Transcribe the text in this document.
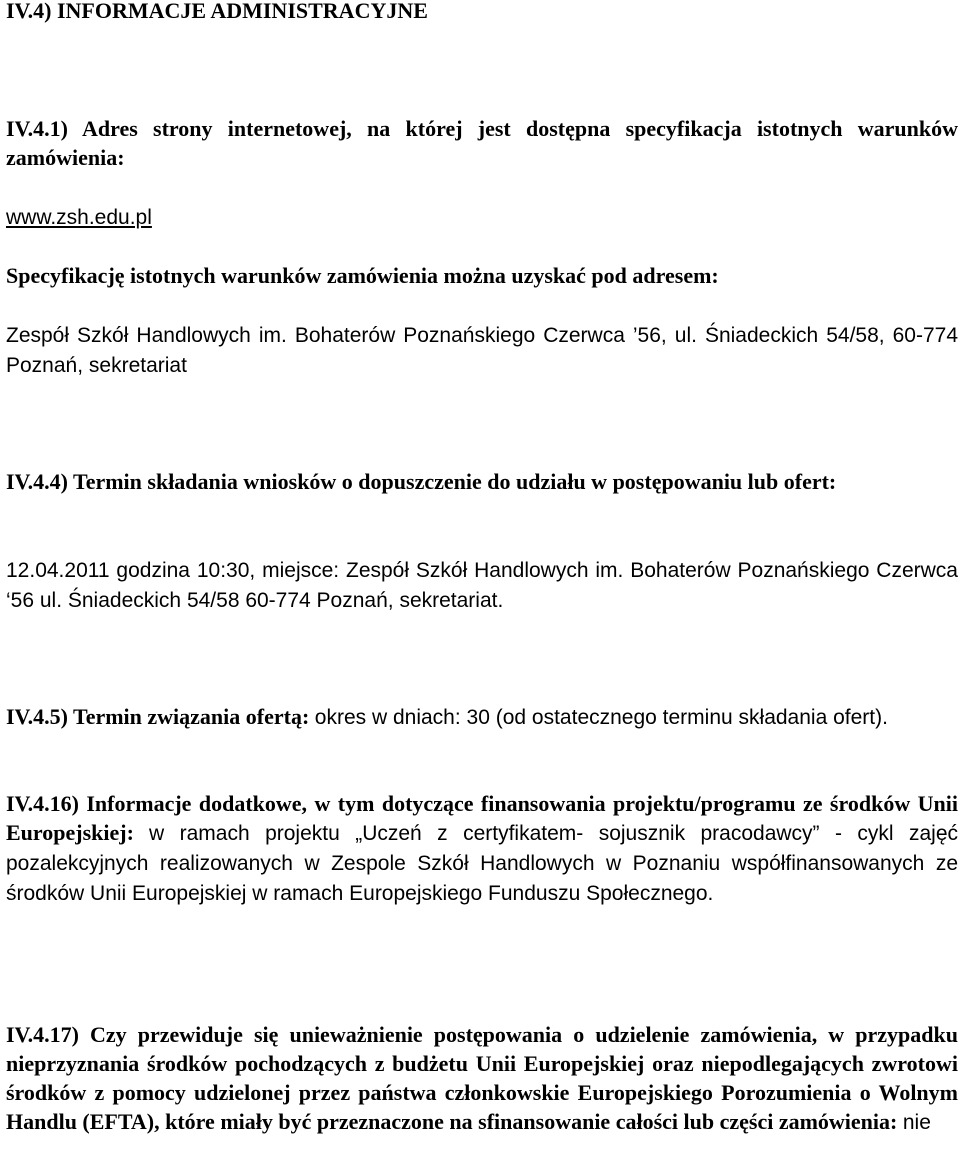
IV.4) INFORMACJE ADMINISTRACYJNE
IV.4.1) Adres strony internetowej, na której jest dostępna specyfikacja istotnych warunków zamówienia:
www.zsh.edu.pl
Specyfikację istotnych warunków zamówienia można uzyskać pod adresem:
Zespół Szkół Handlowych im. Bohaterów Poznańskiego Czerwca ’56, ul. Śniadeckich 54/58, 60-774 Poznań, sekretariat
IV.4.4) Termin składania wniosków o dopuszczenie do udziału w postępowaniu lub ofert:
12.04.2011 godzina 10:30, miejsce: Zespół Szkół Handlowych im. Bohaterów Poznańskiego Czerwca ‘56 ul. Śniadeckich 54/58 60-774 Poznań, sekretariat.
IV.4.5) Termin związania ofertą: okres w dniach: 30 (od ostatecznego terminu składania ofert).
IV.4.16) Informacje dodatkowe, w tym dotyczące finansowania projektu/programu ze środków Unii Europejskiej: w ramach projektu „Uczeń z certyfikatem- sojusznik pracodawcy” - cykl zajęć pozalekcyjnych realizowanych w Zespole Szkół Handlowych w Poznaniu współfinansowanych ze środków Unii Europejskiej w ramach Europejskiego Funduszu Społecznego.
IV.4.17) Czy przewiduje się unieważnienie postępowania o udzielenie zamówienia, w przypadku nieprzyznania środków pochodzących z budżetu Unii Europejskiej oraz niepodlegających zwrotowi środków z pomocy udzielonej przez państwa członkowskie Europejskiego Porozumienia o Wolnym Handlu (EFTA), które miały być przeznaczone na sfinansowanie całości lub części zamówienia: nie
